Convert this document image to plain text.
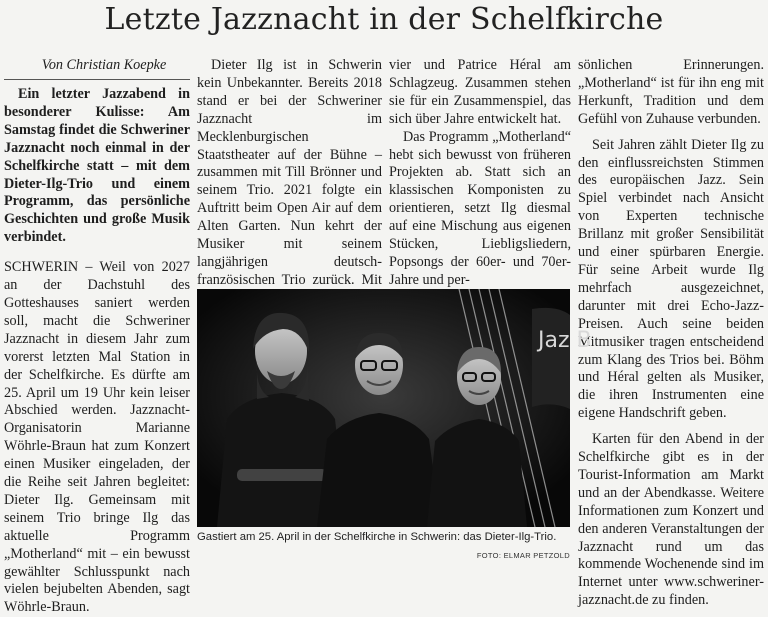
Letzte Jazznacht in der Schelfkirche

Von Christian Koepke

Ein letzter Jazzabend in besonderer Kulisse: Am Samstag findet die Schweriner Jazznacht noch einmal in der Schelfkirche statt – mit dem Dieter-Ilg-Trio und einem Programm, das persönliche Geschichten und große Musik verbindet.

SCHWERIN – Weil von 2027 an der Dachstuhl des Gotteshauses saniert werden soll, macht die Schweriner Jazznacht in diesem Jahr zum vorerst letzten Mal Station in der Schelfkirche. Es dürfte am 25. April um 19 Uhr kein leiser Abschied werden. Jazznacht-Organisatorin Marianne Wöhrle-Braun hat zum Konzert einen Musiker eingeladen, der die Reihe seit Jahren begleitet: Dieter Ilg. Gemeinsam mit seinem Trio bringe Ilg das aktuelle Programm „Motherland“ mit – ein bewusst gewählter Schlusspunkt nach vielen bejubelten Abenden, sagt Wöhrle-Braun.

Dieter Ilg ist in Schwerin kein Unbekannter. Bereits 2018 stand er bei der Schweriner Jazznacht im Mecklenburgischen Staatstheater auf der Bühne – zusammen mit Till Brönner und seinem Trio. 2021 folgte ein Auftritt beim Open Air auf dem Alten Garten. Nun kehrt der Musiker mit seinem langjährigen deutsch-französischen Trio zurück. Mit

vier und Patrice Héral am Schlagzeug. Zusammen stehen sie für ein Zusammenspiel, das sich über Jahre entwickelt hat.

Das Programm „Motherland“ hebt sich bewusst von früheren Projekten ab. Statt sich an klassischen Komponisten zu orientieren, setzt Ilg diesmal auf eine Mischung aus eigenen Stücken, Liebligsliedern, Popsongs der 60er- und 70er-Jahre und per-

sönlichen Erinnerungen. „Motherland“ ist für ihn eng mit Herkunft, Tradition und dem Gefühl von Zuhause verbunden.

Seit Jahren zählt Dieter Ilg zu den einflussreichsten Stimmen des europäischen Jazz. Sein Spiel verbindet nach Ansicht von Experten technische Brillanz mit großer Sensibilität und einer spürbaren Energie. Für seine Arbeit wurde Ilg mehrfach ausgezeichnet, darunter mit drei Echo-Jazz-Preisen. Auch seine beiden Mitmusiker tragen entscheidend zum Klang des Trios bei. Böhm und Héral gelten als Musiker, die ihren Instrumenten eine eigene Handschrift geben.

Karten für den Abend in der Schelfkirche gibt es in der Tourist-Information am Markt und an der Abendkasse. Weitere Informationen zum Konzert und den anderen Veranstaltungen der Jazznacht rund um das kommende Wochenende sind im Internet unter www.schweriner-jazznacht.de zu finden.

Jaz B
Gastiert am 25. April in der Schelfkirche in Schwerin: das Dieter-Ilg-Trio.
FOTO: ELMAR PETZOLD
